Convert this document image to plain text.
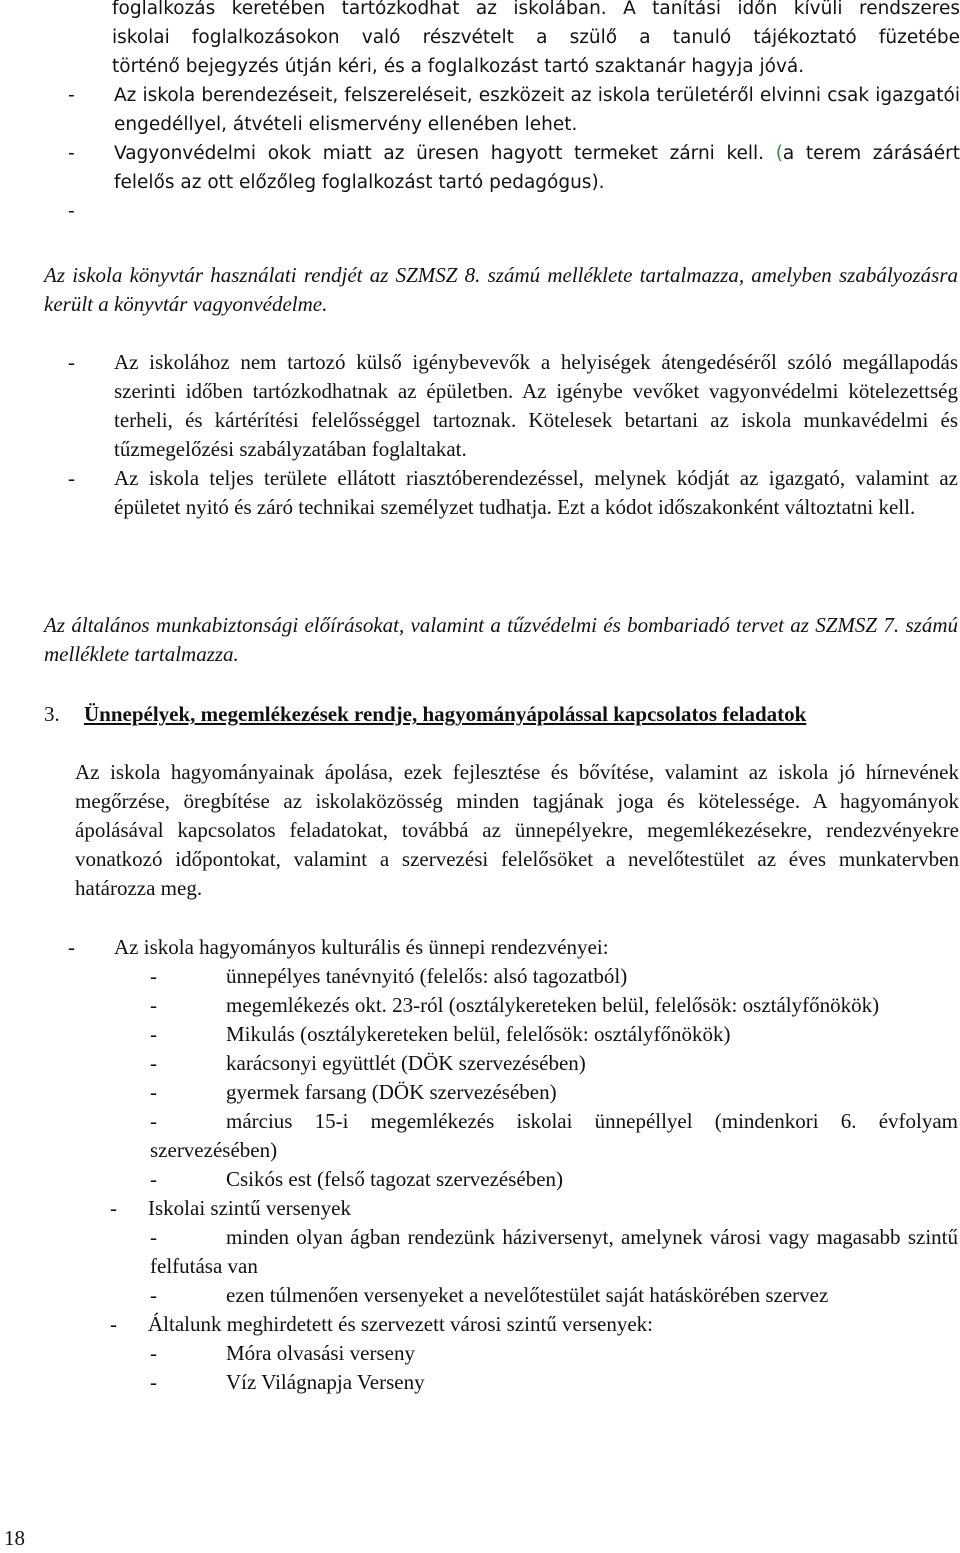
foglalkozás keretében tartózkodhat az iskolában. A tanítási időn kívüli rendszeres
iskolai foglalkozásokon való részvételt a szülő a tanuló tájékoztató füzetébe
történő bejegyzés útján kéri, és a foglalkozást tartó szaktanár hagyja jóvá.
- Az iskola berendezéseit, felszereléseit, eszközeit az iskola területéről elvinni csak igazgatói engedéllyel, átvételi elismervény ellenében lehet.
- Vagyonvédelmi okok miatt az üresen hagyott termeket zárni kell. (a terem zárásáért felelős az ott előzőleg foglalkozást tartó pedagógus).
-

Az iskola könyvtár használati rendjét az SZMSZ 8. számú melléklete tartalmazza, amelyben szabályozásra került a könyvtár vagyonvédelme.
- Az iskolához nem tartozó külső igénybevevők a helyiségek átengedéséről szóló megállapodás szerinti időben tartózkodhatnak az épületben. Az igénybe vevőket vagyonvédelmi kötelezettség terheli, és kártérítési felelősséggel tartoznak. Kötelesek betartani az iskola munkavédelmi és tűzmegelőzési szabályzatában foglaltakat.
- Az iskola teljes területe ellátott riasztóberendezéssel, melynek kódját az igazgató, valamint az épületet nyitó és záró technikai személyzet tudhatja. Ezt a kódot időszakonként változtatni kell.
Az általános munkabiztonsági előírásokat, valamint a tűzvédelmi és bombariadó tervet az SZMSZ 7. számú melléklete tartalmazza.
3. Ünnepélyek, megemlékezések rendje, hagyományápolással kapcsolatos feladatok
Az iskola hagyományainak ápolása, ezek fejlesztése és bővítése, valamint az iskola jó hírnevének megőrzése, öregbítése az iskolaközösség minden tagjának joga és kötelessége. A hagyományok ápolásával kapcsolatos feladatokat, továbbá az ünnepélyekre, megemlékezésekre, rendezvényekre vonatkozó időpontokat, valamint a szervezési felelősöket a nevelőtestület az éves munkatervben határozza meg.
- Az iskola hagyományos kulturális és ünnepi rendezvényei:
-	ünnepélyes tanévnyitó (felelős: alsó tagozatból)
-	megemlékezés okt. 23-ról (osztálykereteken belül, felelősök: osztályfőnökök)
-	Mikulás (osztálykereteken belül, felelősök: osztályfőnökök)
-	karácsonyi együttlét (DÖK szervezésében)
-	gyermek farsang (DÖK szervezésében)
-	március 15-i megemlékezés iskolai ünnepéllyel (mindenkori 6. évfolyam szervezésében)
-	Csikós est (felső tagozat szervezésében)
- Iskolai szintű versenyek
-	minden olyan ágban rendezünk háziversenyt, amelynek városi vagy magasabb szintű felfutása van
-	ezen túlmenően versenyeket a nevelőtestület saját hatáskörében szervez
- Általunk meghirdetett és szervezett városi szintű versenyek:
-	Móra olvasási verseny
-	Víz Világnapja Verseny
18
